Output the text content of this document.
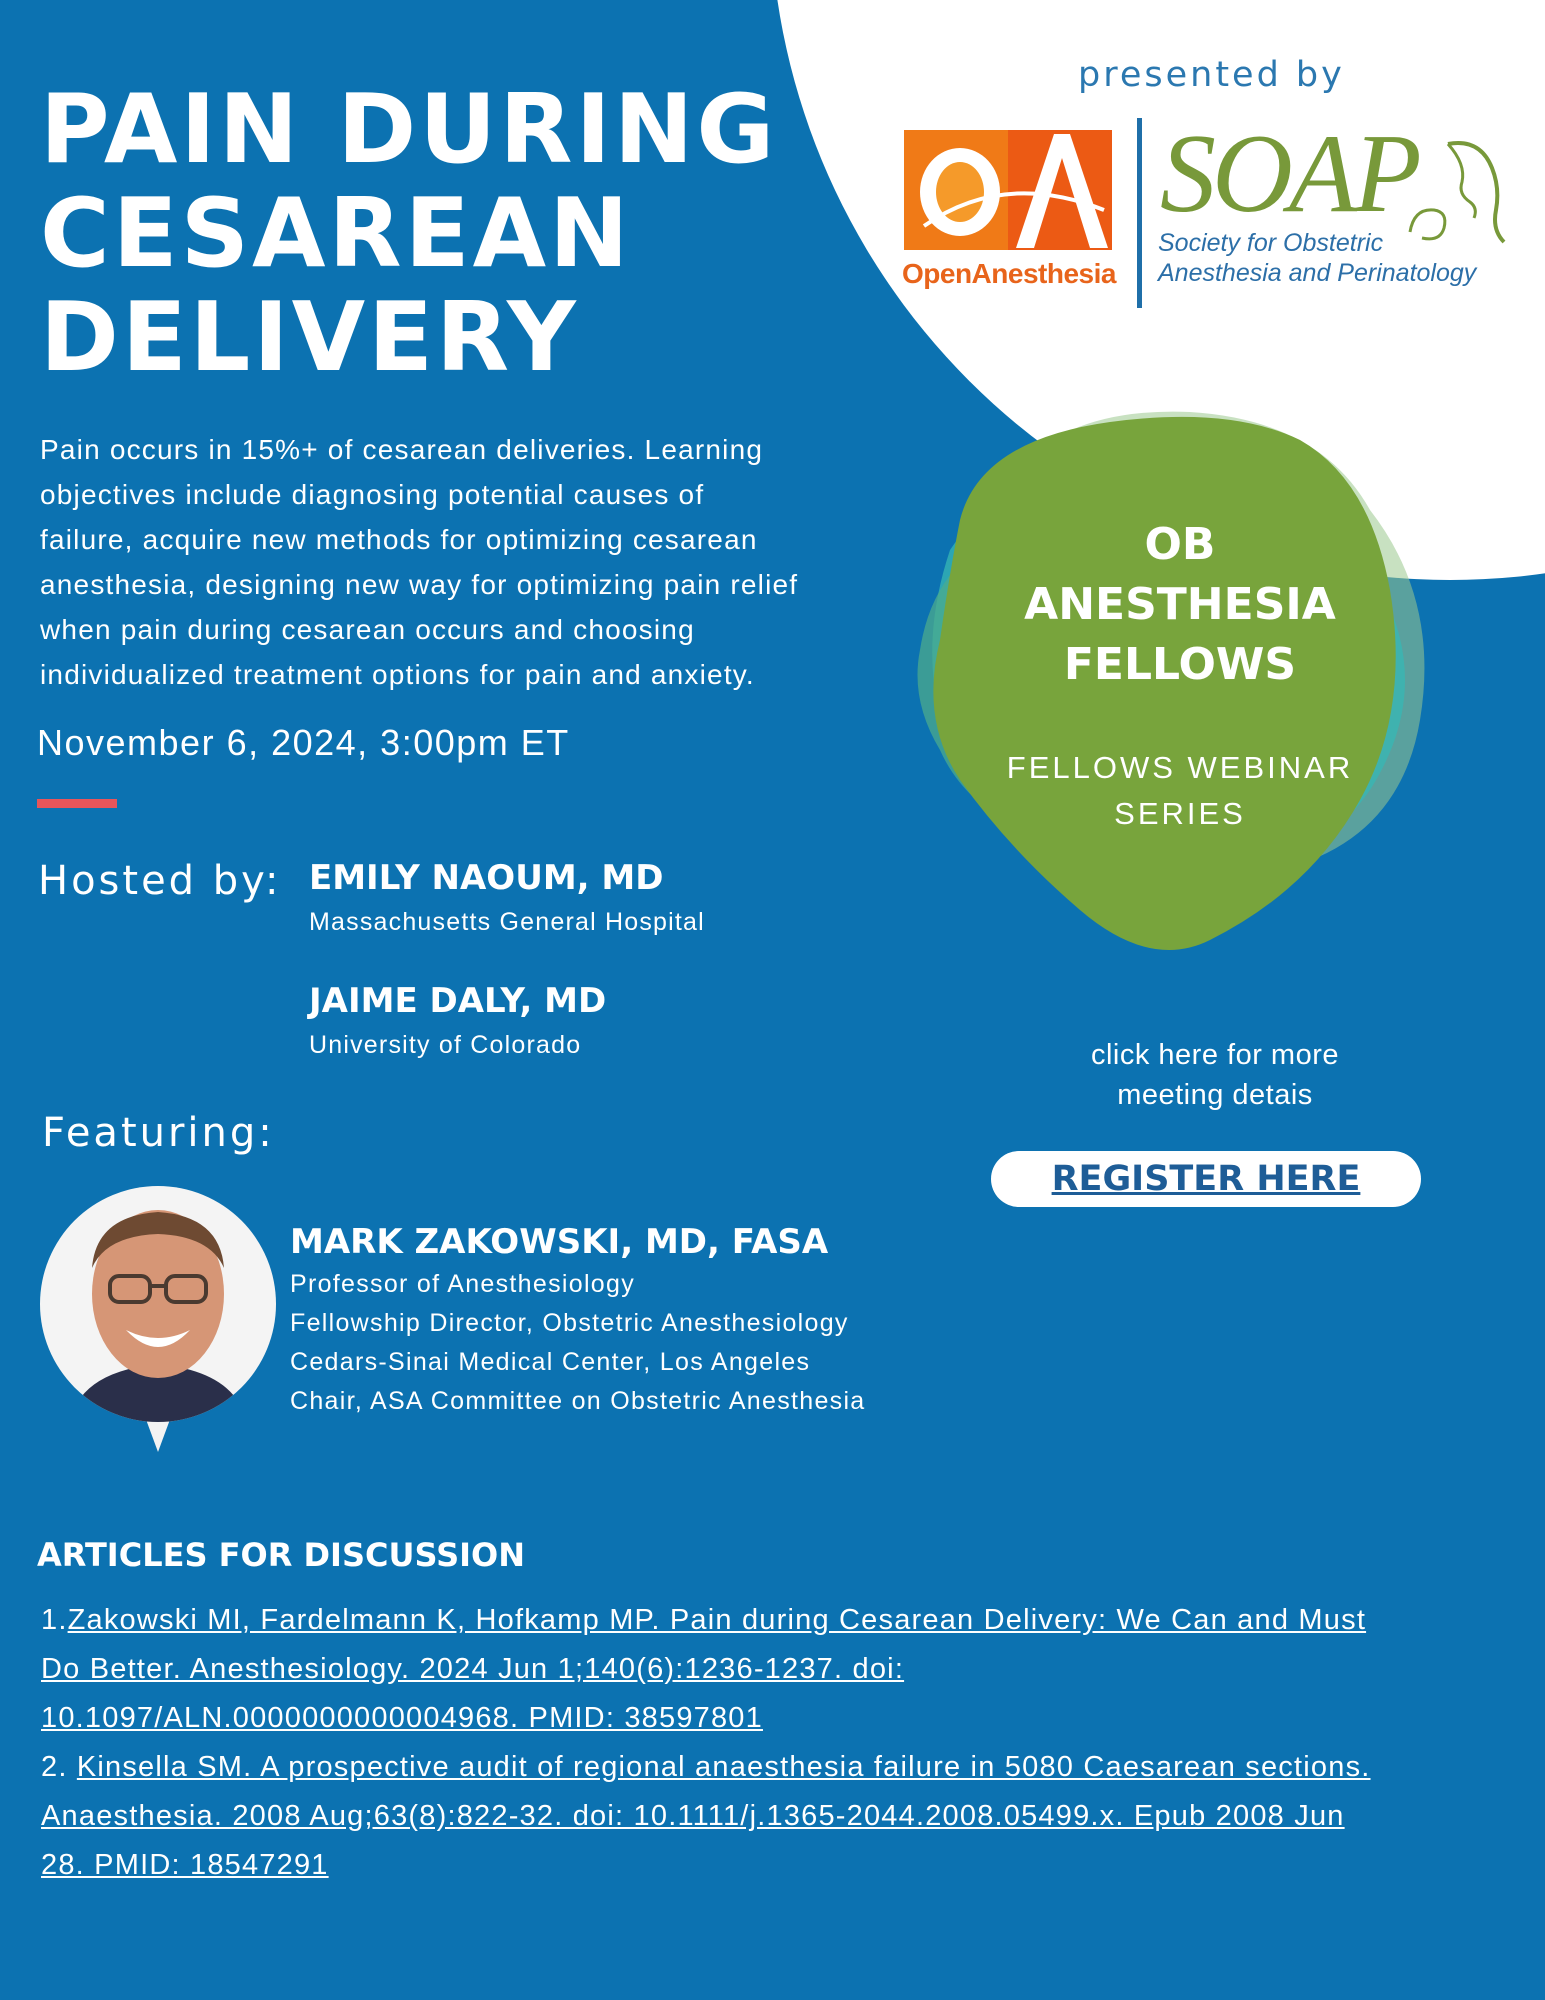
presented by
OpenAnesthesia
SOAP
Society for Obstetric
Anesthesia and Perinatology
PAIN DURING
CESAREAN
DELIVERY
Pain occurs in 15%+ of cesarean deliveries. Learning
objectives include diagnosing potential causes of
failure, acquire new methods for optimizing cesarean
anesthesia, designing new way for optimizing pain relief
when pain during cesarean occurs and choosing
individualized treatment options for pain and anxiety.
November 6, 2024, 3:00pm ET
Hosted by: EMILY NAOUM, MD
Massachusetts General Hospital
JAIME DALY, MD
University of Colorado
Featuring:
MARK ZAKOWSKI, MD, FASA
Professor of Anesthesiology
Fellowship Director, Obstetric Anesthesiology
Cedars-Sinai Medical Center, Los Angeles
Chair, ASA Committee on Obstetric Anesthesia
OB
ANESTHESIA
FELLOWS
FELLOWS WEBINAR
SERIES
click here for more
meeting detais
REGISTER HERE
ARTICLES FOR DISCUSSION
1.Zakowski MI, Fardelmann K, Hofkamp MP. Pain during Cesarean Delivery: We Can and Must
Do Better. Anesthesiology. 2024 Jun 1;140(6):1236-1237. doi:
10.1097/ALN.0000000000004968. PMID: 38597801
2. Kinsella SM. A prospective audit of regional anaesthesia failure in 5080 Caesarean sections.
Anaesthesia. 2008 Aug;63(8):822-32. doi: 10.1111/j.1365-2044.2008.05499.x. Epub 2008 Jun
28. PMID: 18547291
